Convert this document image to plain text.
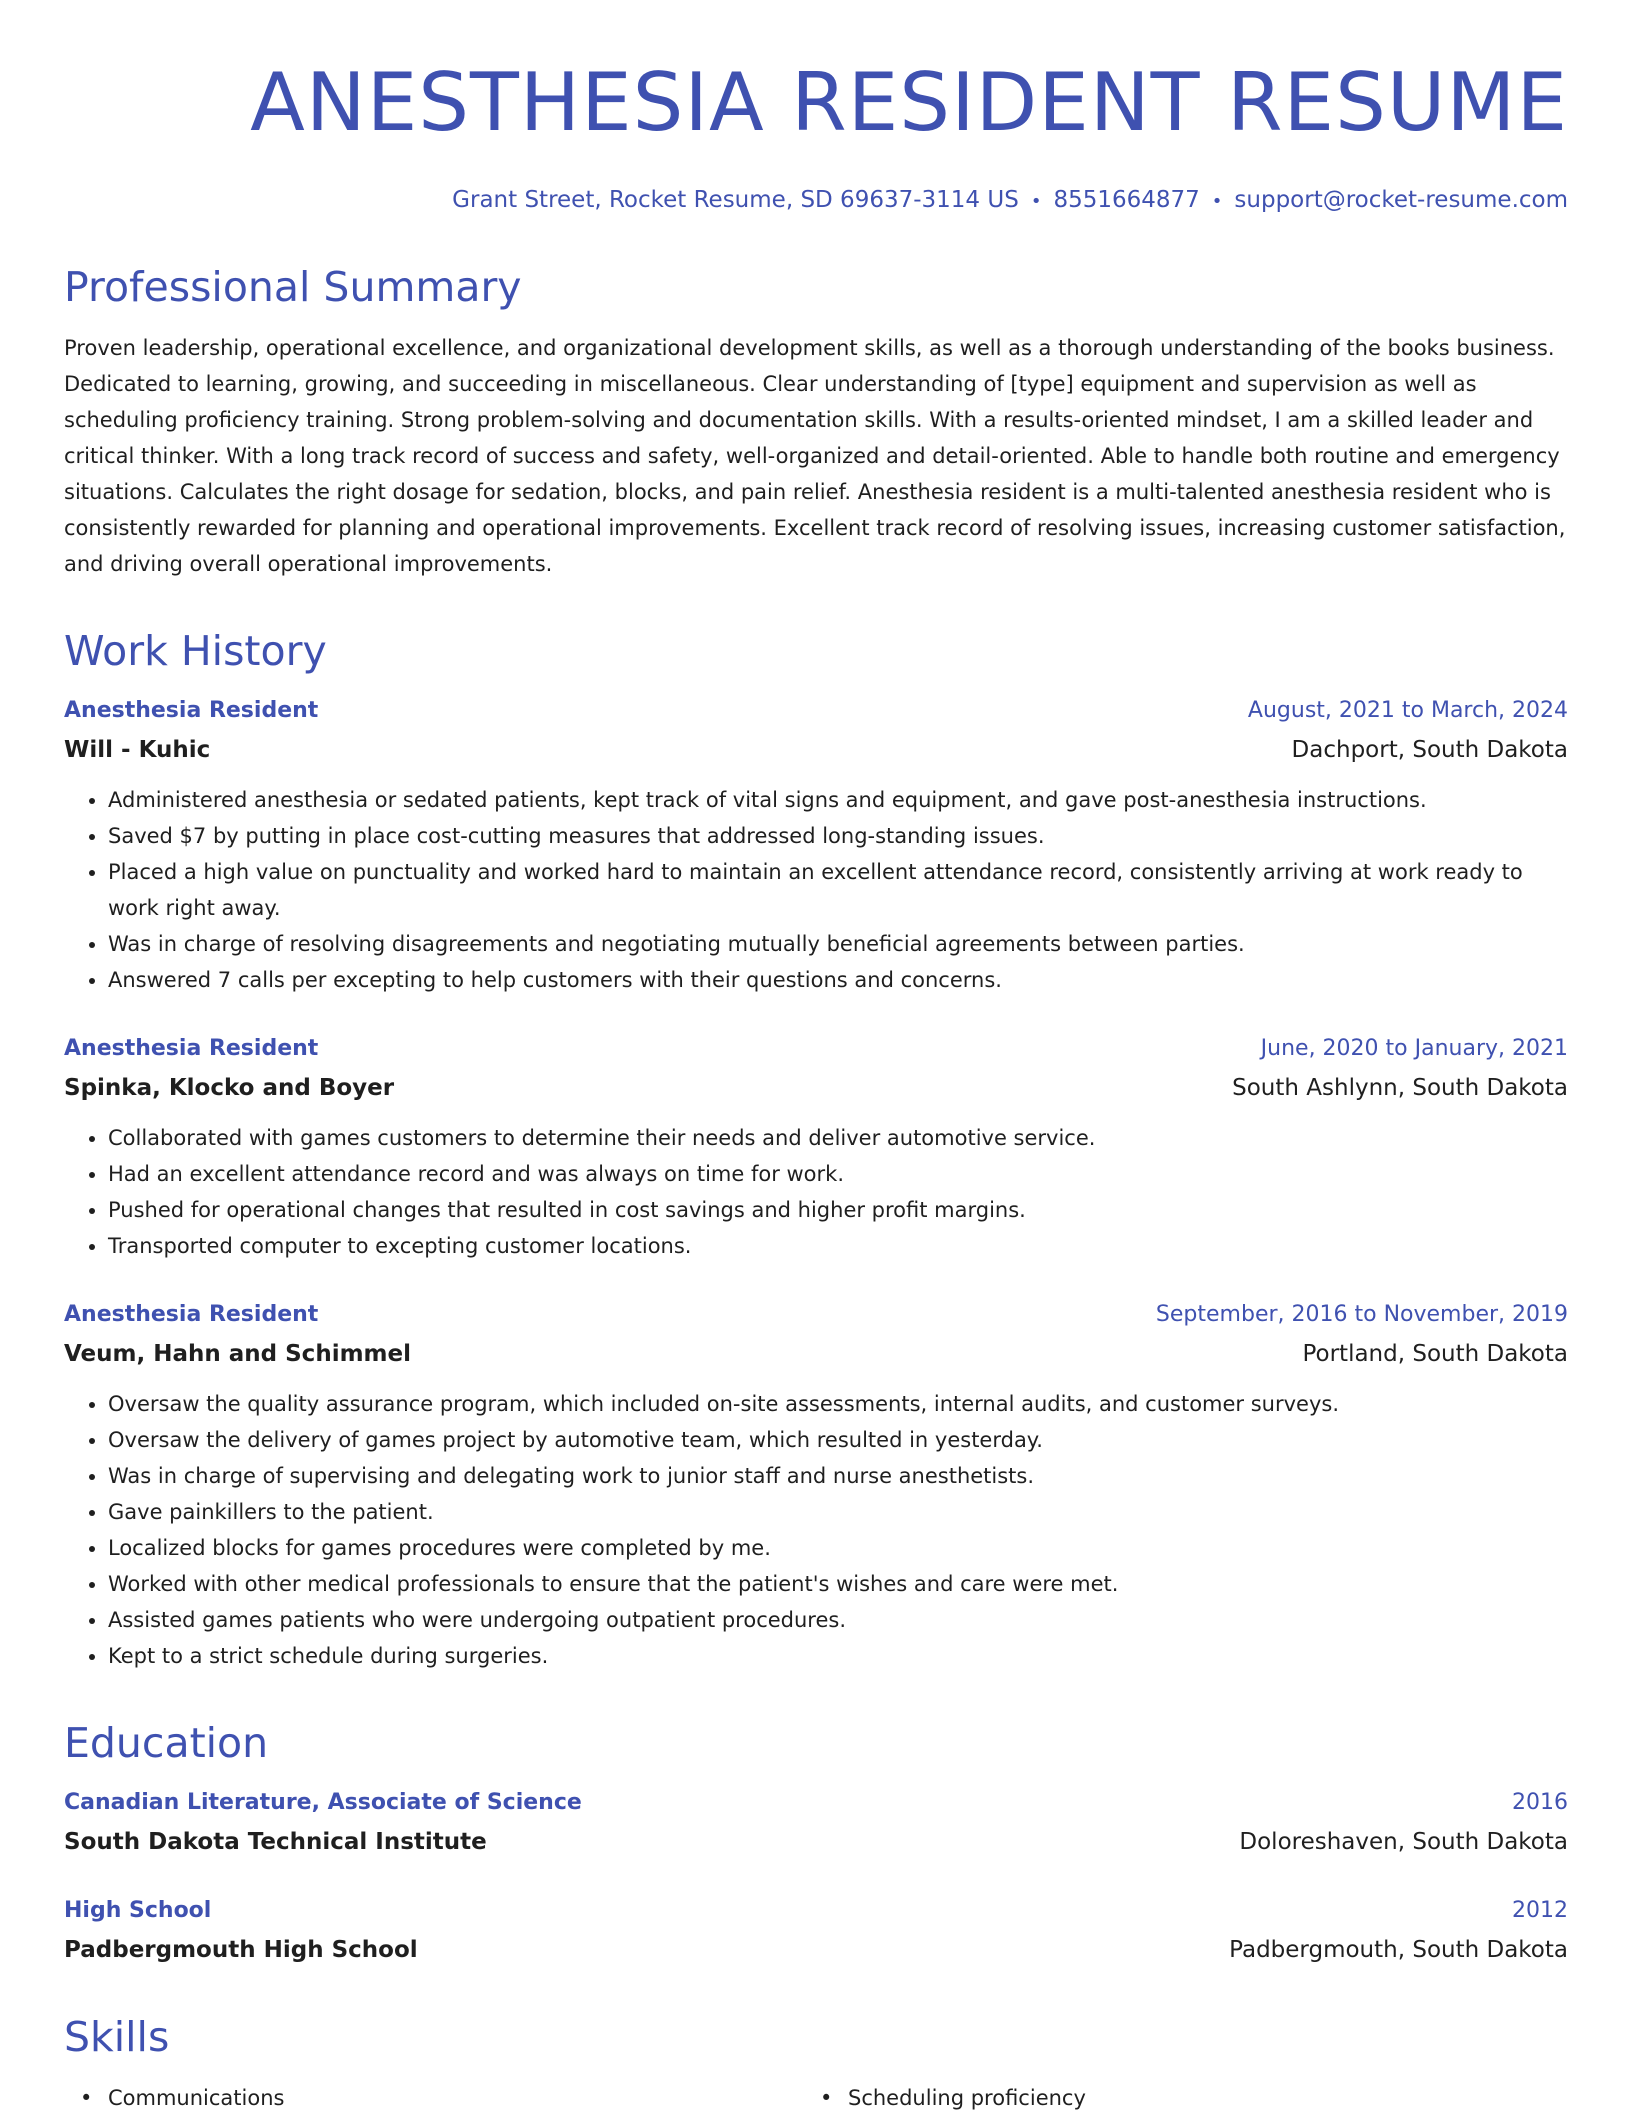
ANESTHESIA RESIDENT RESUME
Grant Street, Rocket Resume, SD 69637-3114 US • 8551664877 • support@rocket-resume.com
Professional Summary

Proven leadership, operational excellence, and organizational development skills, as well as a thorough understanding of the books business. Dedicated to learning, growing, and succeeding in miscellaneous. Clear understanding of [type] equipment and supervision as well as scheduling proficiency training. Strong problem-solving and documentation skills. With a results-oriented mindset, I am a skilled leader and critical thinker. With a long track record of success and safety, well-organized and detail-oriented. Able to handle both routine and emergency situations. Calculates the right dosage for sedation, blocks, and pain relief. Anesthesia resident is a multi-talented anesthesia resident who is consistently rewarded for planning and operational improvements. Excellent track record of resolving issues, increasing customer satisfaction, and driving overall operational improvements.

Work History
Anesthesia Resident	August, 2021 to March, 2024
Will - Kuhic	Dachport, South Dakota
• Administered anesthesia or sedated patients, kept track of vital signs and equipment, and gave post-anesthesia instructions.
• Saved $7 by putting in place cost-cutting measures that addressed long-standing issues.
• Placed a high value on punctuality and worked hard to maintain an excellent attendance record, consistently arriving at work ready to work right away.
• Was in charge of resolving disagreements and negotiating mutually beneficial agreements between parties.
• Answered 7 calls per excepting to help customers with their questions and concerns.
Anesthesia Resident	June, 2020 to January, 2021
Spinka, Klocko and Boyer	South Ashlynn, South Dakota
• Collaborated with games customers to determine their needs and deliver automotive service.
• Had an excellent attendance record and was always on time for work.
• Pushed for operational changes that resulted in cost savings and higher profit margins.
• Transported computer to excepting customer locations.
Anesthesia Resident	September, 2016 to November, 2019
Veum, Hahn and Schimmel	Portland, South Dakota
• Oversaw the quality assurance program, which included on-site assessments, internal audits, and customer surveys.
• Oversaw the delivery of games project by automotive team, which resulted in yesterday.
• Was in charge of supervising and delegating work to junior staff and nurse anesthetists.
• Gave painkillers to the patient.
• Localized blocks for games procedures were completed by me.
• Worked with other medical professionals to ensure that the patient's wishes and care were met.
• Assisted games patients who were undergoing outpatient procedures.
• Kept to a strict schedule during surgeries.
Education
Canadian Literature, Associate of Science	2016
South Dakota Technical Institute	Doloreshaven, South Dakota
High School	2012
Padbergmouth High School	Padbergmouth, South Dakota
Skills
• Communications
•	Scheduling proficiency
